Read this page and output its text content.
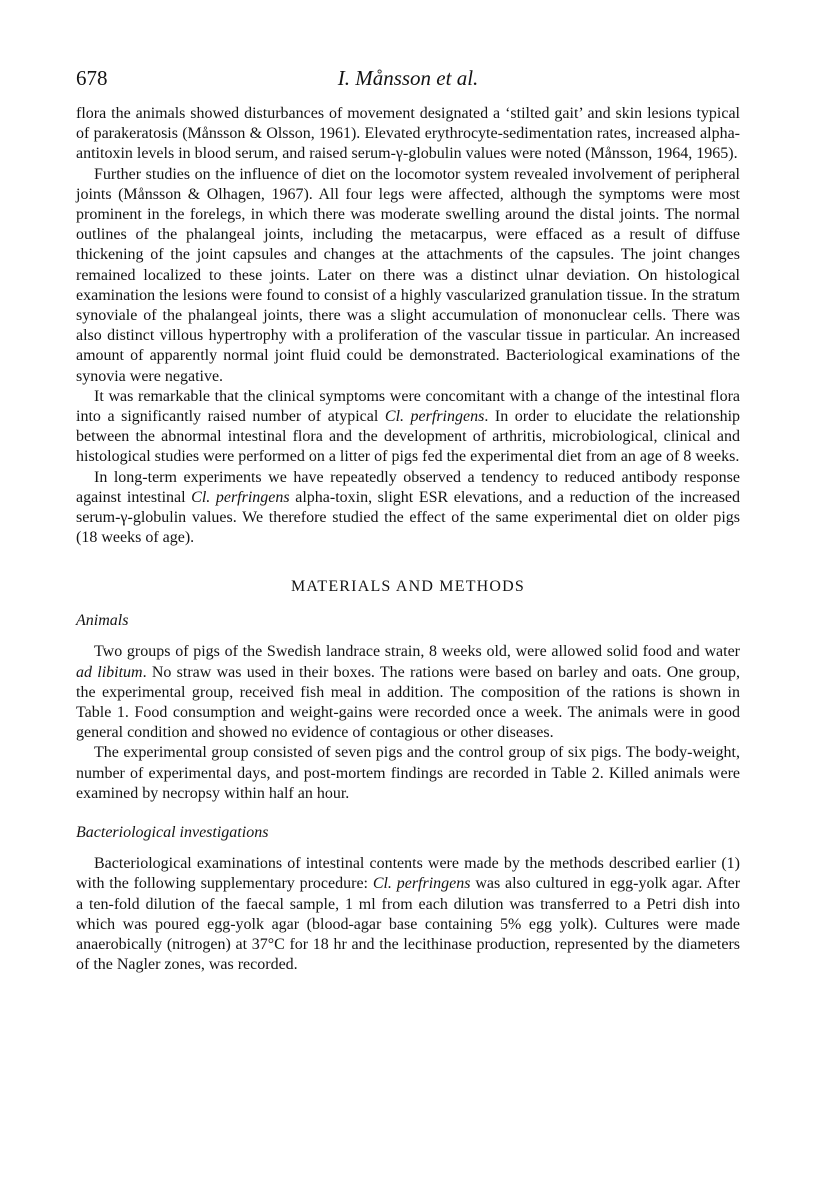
678	I. Månsson et al.

flora the animals showed disturbances of movement designated a ‘stilted gait’ and skin lesions typical of parakeratosis (Månsson & Olsson, 1961). Elevated erythrocyte-sedimentation rates, increased alpha-antitoxin levels in blood serum, and raised serum-γ-globulin values were noted (Månsson, 1964, 1965).

Further studies on the influence of diet on the locomotor system revealed involvement of peripheral joints (Månsson & Olhagen, 1967). All four legs were affected, although the symptoms were most prominent in the forelegs, in which there was moderate swelling around the distal joints. The normal outlines of the phalangeal joints, including the metacarpus, were effaced as a result of diffuse thickening of the joint capsules and changes at the attachments of the capsules. The joint changes remained localized to these joints. Later on there was a distinct ulnar deviation. On histological examination the lesions were found to consist of a highly vascularized granulation tissue. In the stratum synoviale of the phalangeal joints, there was a slight accumulation of mononuclear cells. There was also distinct villous hypertrophy with a proliferation of the vascular tissue in particular. An increased amount of apparently normal joint fluid could be demonstrated. Bacteriological examinations of the synovia were negative.

It was remarkable that the clinical symptoms were concomitant with a change of the intestinal flora into a significantly raised number of atypical Cl. perfringens. In order to elucidate the relationship between the abnormal intestinal flora and the development of arthritis, microbiological, clinical and histological studies were performed on a litter of pigs fed the experimental diet from an age of 8 weeks.

In long-term experiments we have repeatedly observed a tendency to reduced antibody response against intestinal Cl. perfringens alpha-toxin, slight ESR elevations, and a reduction of the increased serum-γ-globulin values. We therefore studied the effect of the same experimental diet on older pigs (18 weeks of age).

MATERIALS AND METHODS
Animals

Two groups of pigs of the Swedish landrace strain, 8 weeks old, were allowed solid food and water ad libitum. No straw was used in their boxes. The rations were based on barley and oats. One group, the experimental group, received fish meal in addition. The composition of the rations is shown in Table 1. Food consumption and weight-gains were recorded once a week. The animals were in good general condition and showed no evidence of contagious or other diseases.

The experimental group consisted of seven pigs and the control group of six pigs. The body-weight, number of experimental days, and post-mortem findings are recorded in Table 2. Killed animals were examined by necropsy within half an hour.

Bacteriological investigations

Bacteriological examinations of intestinal contents were made by the methods described earlier (1) with the following supplementary procedure: Cl. perfringens was also cultured in egg-yolk agar. After a ten-fold dilution of the faecal sample, 1 ml from each dilution was transferred to a Petri dish into which was poured egg-yolk agar (blood-agar base containing 5% egg yolk). Cultures were made anaerobically (nitrogen) at 37°C for 18 hr and the lecithinase production, represented by the diameters of the Nagler zones, was recorded.
